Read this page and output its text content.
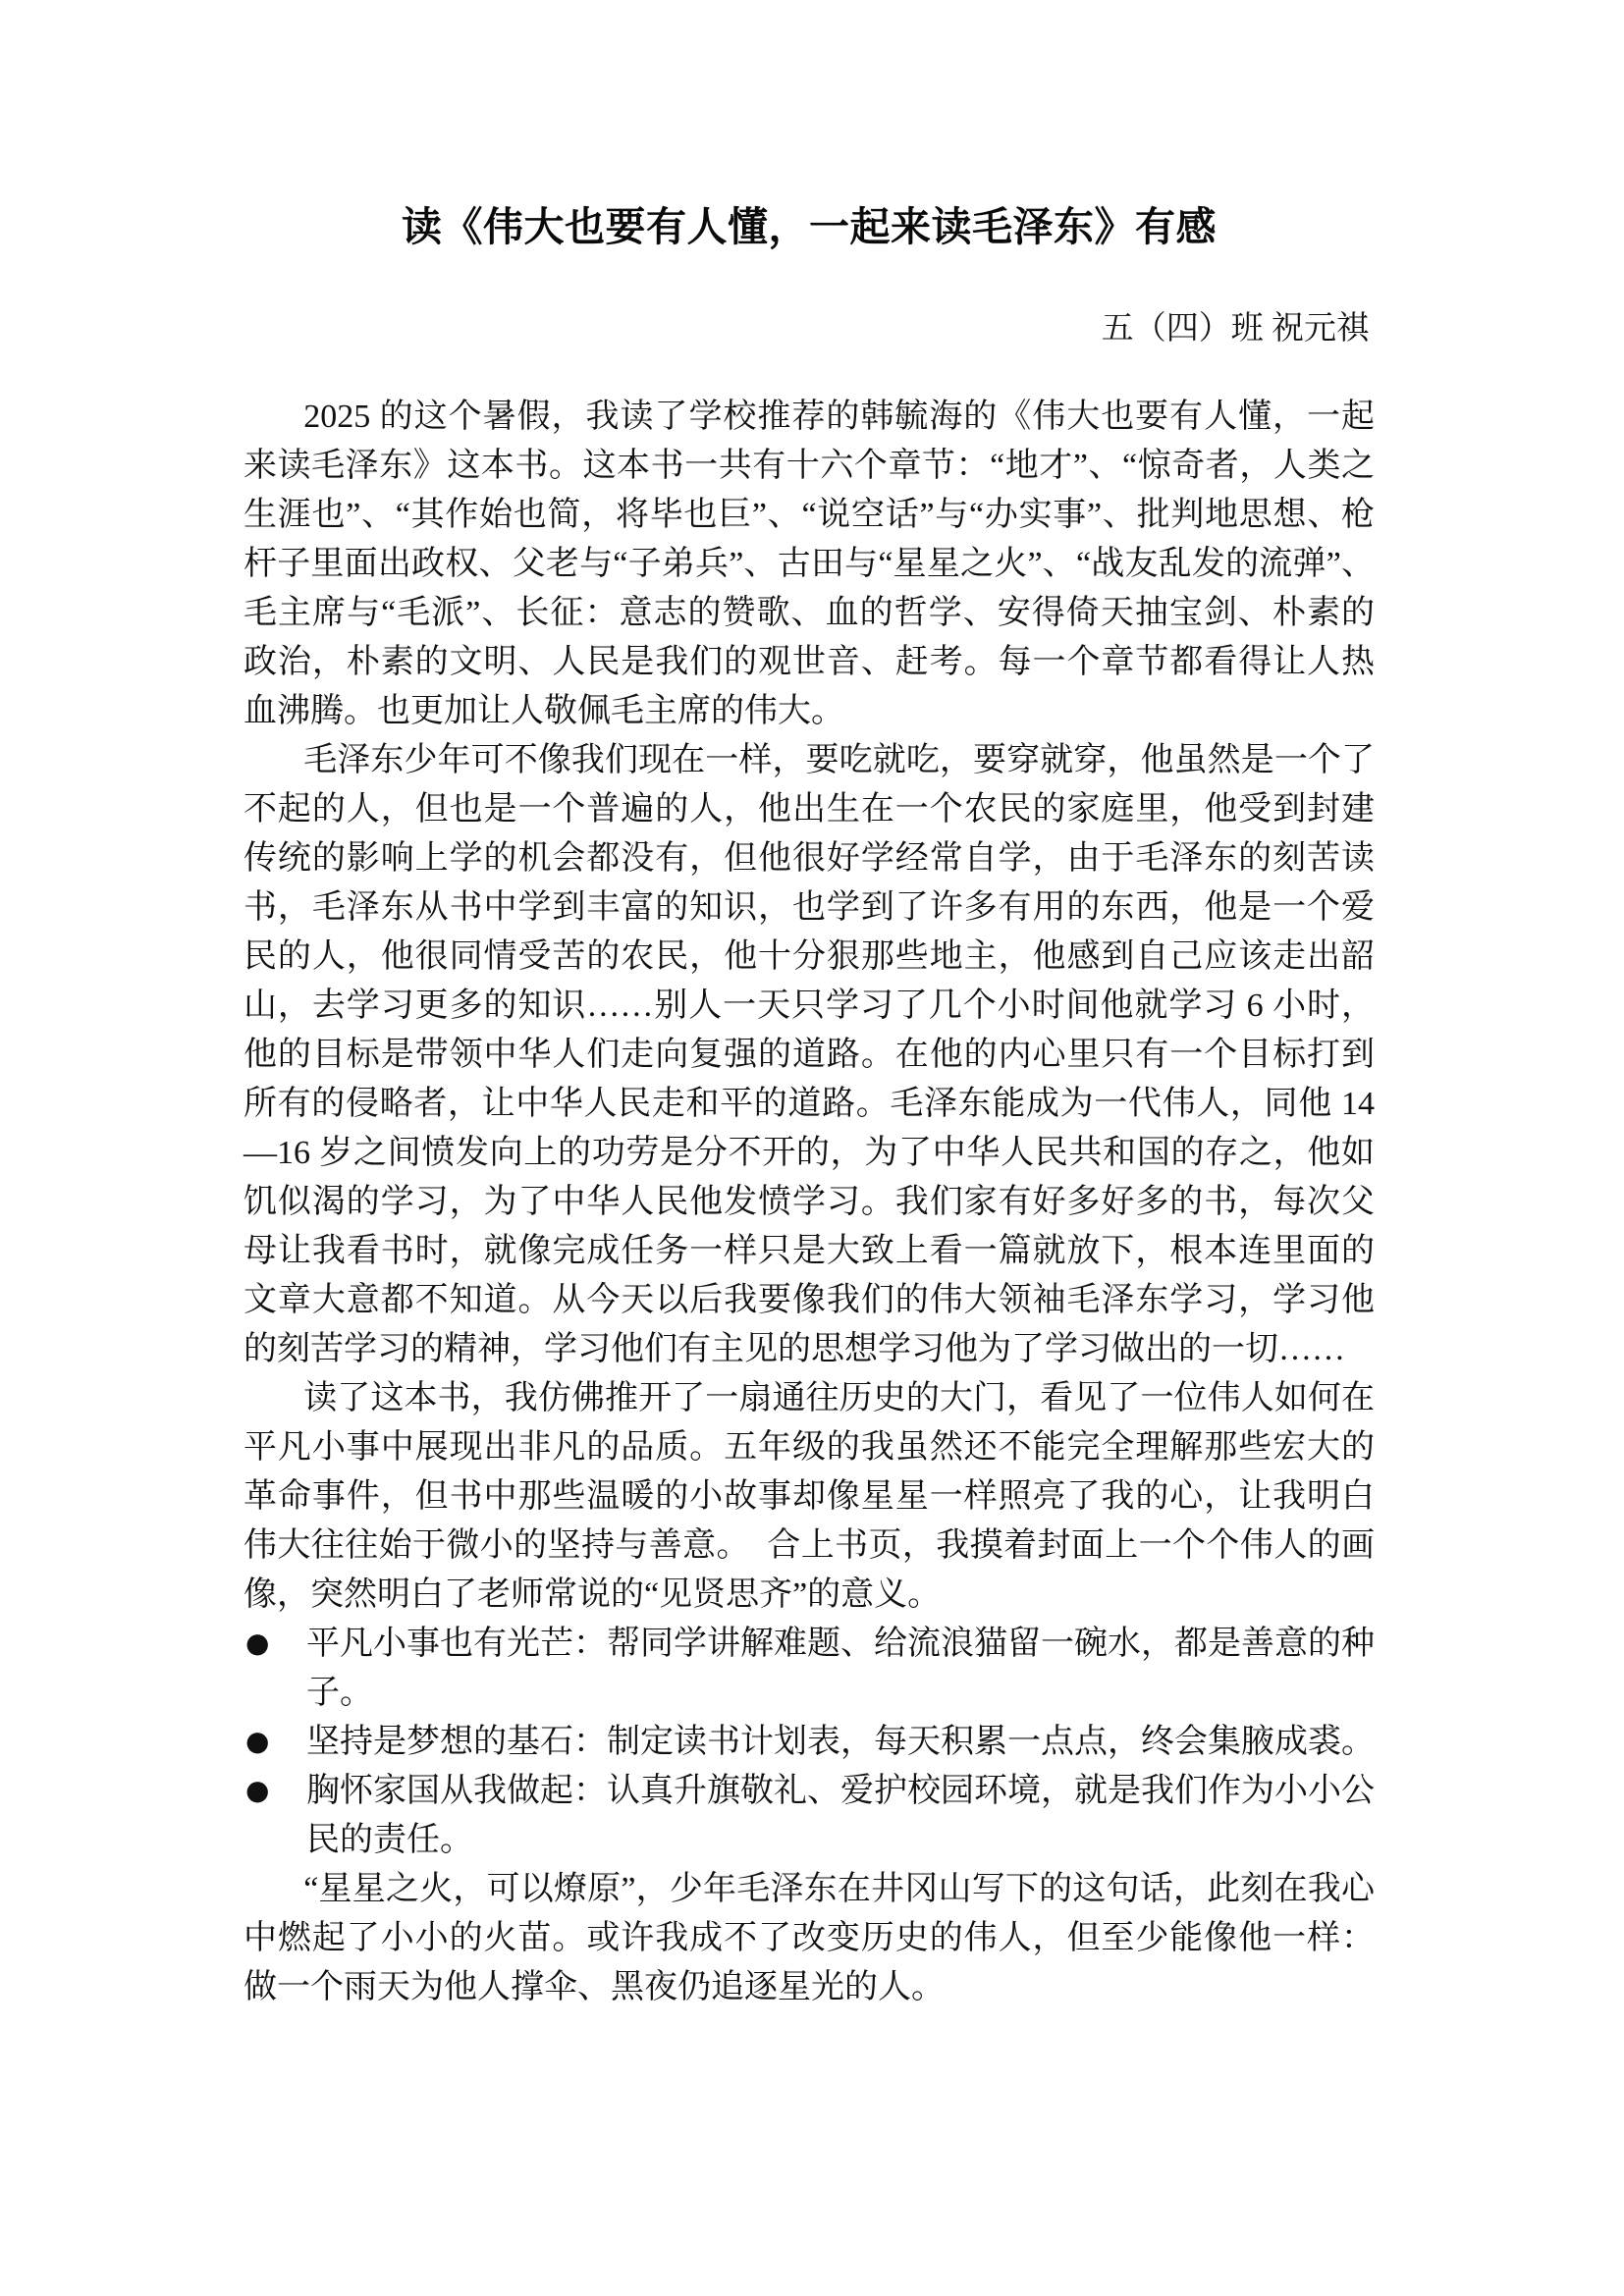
读《伟大也要有人懂，一起来读毛泽东》有感
五（四）班 祝元祺

2025 的这个暑假，我读了学校推荐的韩毓海的《伟大也要有人懂，一起来读毛泽东》这本书。这本书一共有十六个章节：“地才”、“惊奇者，人类之生涯也”、“其作始也简，将毕也巨”、“说空话”与“办实事”、批判地思想、枪杆子里面出政权、父老与“子弟兵”、古田与“星星之火”、“战友乱发的流弹”、毛主席与“毛派”、长征：意志的赞歌、血的哲学、安得倚天抽宝剑、朴素的政治，朴素的文明、人民是我们的观世音、赶考。每一个章节都看得让人热血沸腾。也更加让人敬佩毛主席的伟大。

毛泽东少年可不像我们现在一样，要吃就吃，要穿就穿，他虽然是一个了不起的人，但也是一个普遍的人，他出生在一个农民的家庭里，他受到封建传统的影响上学的机会都没有，但他很好学经常自学，由于毛泽东的刻苦读书，毛泽东从书中学到丰富的知识，也学到了许多有用的东西，他是一个爱民的人，他很同情受苦的农民，他十分狠那些地主，他感到自己应该走出韶山，去学习更多的知识……别人一天只学习了几个小时间他就学习 6 小时，他的目标是带领中华人们走向复强的道路。在他的内心里只有一个目标打到所有的侵略者，让中华人民走和平的道路。毛泽东能成为一代伟人，同他 14—16 岁之间愤发向上的功劳是分不开的，为了中华人民共和国的存之，他如饥似渴的学习，为了中华人民他发愤学习。我们家有好多好多的书，每次父母让我看书时，就像完成任务一样只是大致上看一篇就放下，根本连里面的文章大意都不知道。从今天以后我要像我们的伟大领袖毛泽东学习，学习他的刻苦学习的精神，学习他们有主见的思想学习他为了学习做出的一切……

读了这本书，我仿佛推开了一扇通往历史的大门，看见了一位伟人如何在平凡小事中展现出非凡的品质。五年级的我虽然还不能完全理解那些宏大的革命事件，但书中那些温暖的小故事却像星星一样照亮了我的心，让我明白伟大往往始于微小的坚持与善意。　合上书页，我摸着封面上一个个伟人的画像，突然明白了老师常说的“见贤思齐”的意义。

● 平凡小事也有光芒：帮同学讲解难题、给流浪猫留一碗水，都是善意的种子。
● 坚持是梦想的基石：制定读书计划表，每天积累一点点，终会集腋成裘。
● 胸怀家国从我做起：认真升旗敬礼、爱护校园环境，就是我们作为小小公民的责任。

“星星之火，可以燎原”，少年毛泽东在井冈山写下的这句话，此刻在我心中燃起了小小的火苗。或许我成不了改变历史的伟人，但至少能像他一样：做一个雨天为他人撑伞、黑夜仍追逐星光的人。
